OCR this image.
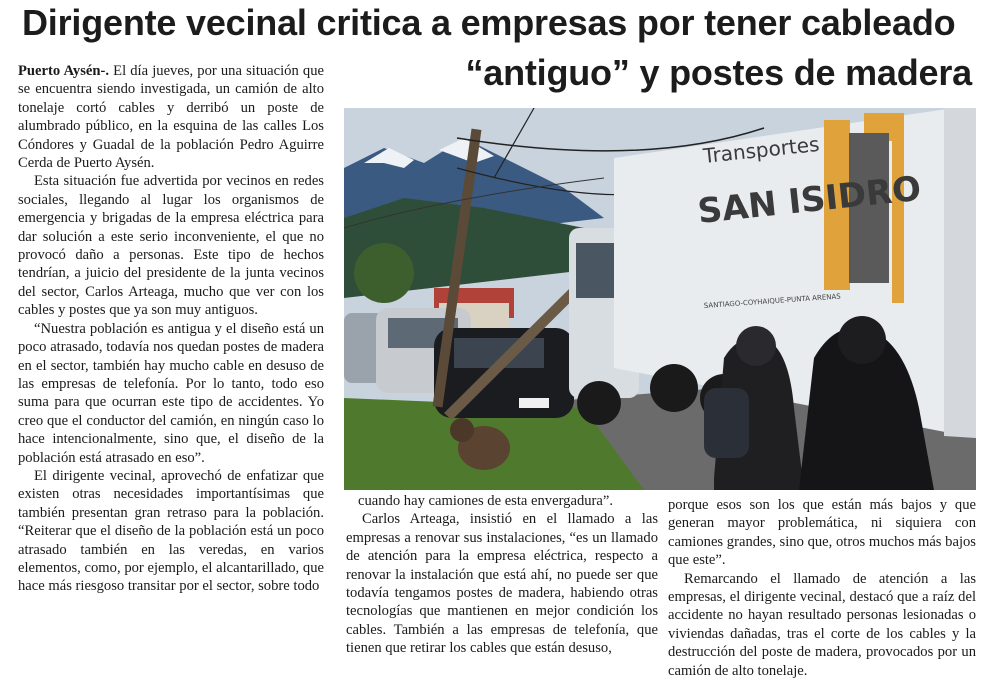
Dirigente vecinal critica a empresas por tener cableado
“antiguo” y postes de madera

Puerto Aysén-. El día jueves, por una situación que se encuentra siendo investigada, un camión de alto tonelaje cortó cables y derribó un poste de alumbrado público, en la esquina de las calles Los Cóndores y Guadal de la población Pedro Aguirre Cerda de Puerto Aysén.

Esta situación fue advertida por vecinos en redes sociales, llegando al lugar los organismos de emergencia y brigadas de la empresa eléctrica para dar solución a este serio inconveniente, el que no provocó daño a personas. Este tipo de hechos tendrían, a juicio del presidente de la junta vecinos del sector, Carlos Arteaga, mucho que ver con los cables y postes que ya son muy antiguos.

“Nuestra población es antigua y el diseño está un poco atrasado, todavía nos quedan postes de madera en el sector, también hay mucho cable en desuso de las empresas de telefonía. Por lo tanto, todo eso suma para que ocurran este tipo de accidentes. Yo creo que el conductor del camión, en ningún caso lo hace intencionalmente, sino que, el diseño de la población está atrasado en eso”.

El dirigente vecinal, aprovechó de enfatizar que existen otras necesidades importantísimas que también presentan gran retraso para la población. “Reiterar que el diseño de la población está un poco atrasado también en las veredas, en varios elementos, como, por ejemplo, el alcantarillado, que hace más riesgoso transitar por el sector, sobre todo

Transportes
SAN ISIDRO
SANTIAGO-COYHAIQUE-PUNTA ARENAS

cuando hay camiones de esta envergadura”.

Carlos Arteaga, insistió en el llamado a las empresas a renovar sus instalaciones, “es un llamado de atención para la empresa eléctrica, respecto a renovar la instalación que está ahí, no puede ser que todavía tengamos postes de madera, habiendo otras tecnologías que mantienen en mejor condición los cables. También a las empresas de telefonía, que tienen que retirar los cables que están desuso,

porque esos son los que están más bajos y que generan mayor problemática, ni siquiera con camiones grandes, sino que, otros muchos más bajos que este”.

Remarcando el llamado de atención a las empresas, el dirigente vecinal, destacó que a raíz del accidente no hayan resultado personas lesionadas o viviendas dañadas, tras el corte de los cables y la destrucción del poste de madera, provocados por un camión de alto tonelaje.
